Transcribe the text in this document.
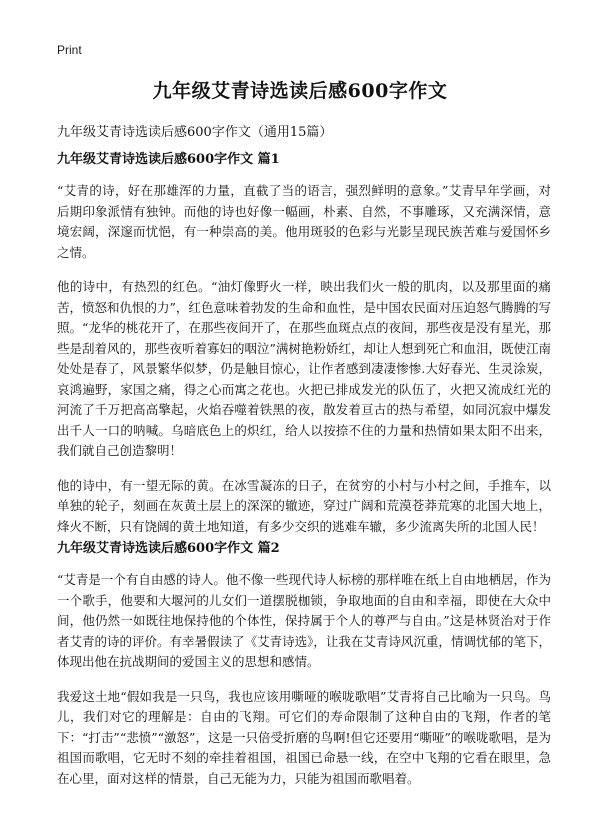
Print
九年级艾青诗选读后感600字作文
九年级艾青诗选读后感600字作文（通用15篇）
九年级艾青诗选读后感600字作文 篇1

“艾青的诗，好在那雄浑的力量，直截了当的语言，强烈鲜明的意象。”艾青早年学画，对后期印象派情有独钟。而他的诗也好像一幅画，朴素、自然，不事雕琢，又充满深情，意境宏阔，深邃而忧悒，有一种崇高的美。他用斑驳的色彩与光影呈现民族苦难与爱国怀乡之情。

他的诗中，有热烈的红色。“油灯像野火一样，映出我们火一般的肌肉，以及那里面的痛苦，愤怒和仇恨的力”，红色意味着勃发的生命和血性，是中国农民面对压迫怒气腾腾的写照。“龙华的桃花开了，在那些夜间开了，在那些血斑点点的夜间，那些夜是没有星光，那些是刮着风的，那些夜听着寡妇的咽泣”满树艳粉娇红，却让人想到死亡和血泪，既使江南处处是春了，风景繁华似梦，仍是触目惊心，让作者感到凄凄惨惨.大好春光、生灵涂炭，哀鸿遍野，家国之痛，得之心而寓之花也。火把已排成发光的队伍了，火把又流成红光的河流了千万把高高擎起，火焰吞噬着铁黑的夜，散发着亘古的热与希望，如同沉寂中爆发出千人一口的呐喊。乌暗底色上的炽红，给人以按捺不住的力量和热情如果太阳不出来，我们就自己创造黎明！

他的诗中，有一望无际的黄。在冰雪凝冻的日子，在贫穷的小村与小村之间，手推车，以单独的轮子，刻画在灰黄土层上的深深的辙迹，穿过广阔和荒漠苍莽荒寒的北国大地上，烽火不断，只有饶阔的黄土地知道，有多少交织的逃难车辙，多少流离失所的北国人民！

九年级艾青诗选读后感600字作文 篇2

“艾青是一个有自由感的诗人。他不像一些现代诗人标榜的那样唯在纸上自由地栖居，作为一个歌手，他要和大堰河的儿女们一道摆脱枷锁，争取地面的自由和幸福，即使在大众中间，他仍然一如既往地保持他的个体性，保持属于个人的尊严与自由。”这是林贤治对于作者艾青的诗的评价。有幸暑假读了《艾青诗选》，让我在艾青诗风沉重，情调忧郁的笔下，体现出他在抗战期间的爱国主义的思想和感情。

我爱这土地“假如我是一只鸟，我也应该用嘶哑的喉咙歌唱”艾青将自己比喻为一只鸟。鸟儿，我们对它的理解是：自由的飞翔。可它们的寿命限制了这种自由的飞翔，作者的笔下：“打击”“悲愤”“激怒”，这是一只倍受折磨的鸟啊!但它还要用“嘶哑”的喉咙歌唱，是为祖国而歌唱，它无时不刻的牵挂着祖国，祖国已命悬一线，在空中飞翔的它看在眼里，急在心里，面对这样的情景，自己无能为力，只能为祖国而歌唱着。
